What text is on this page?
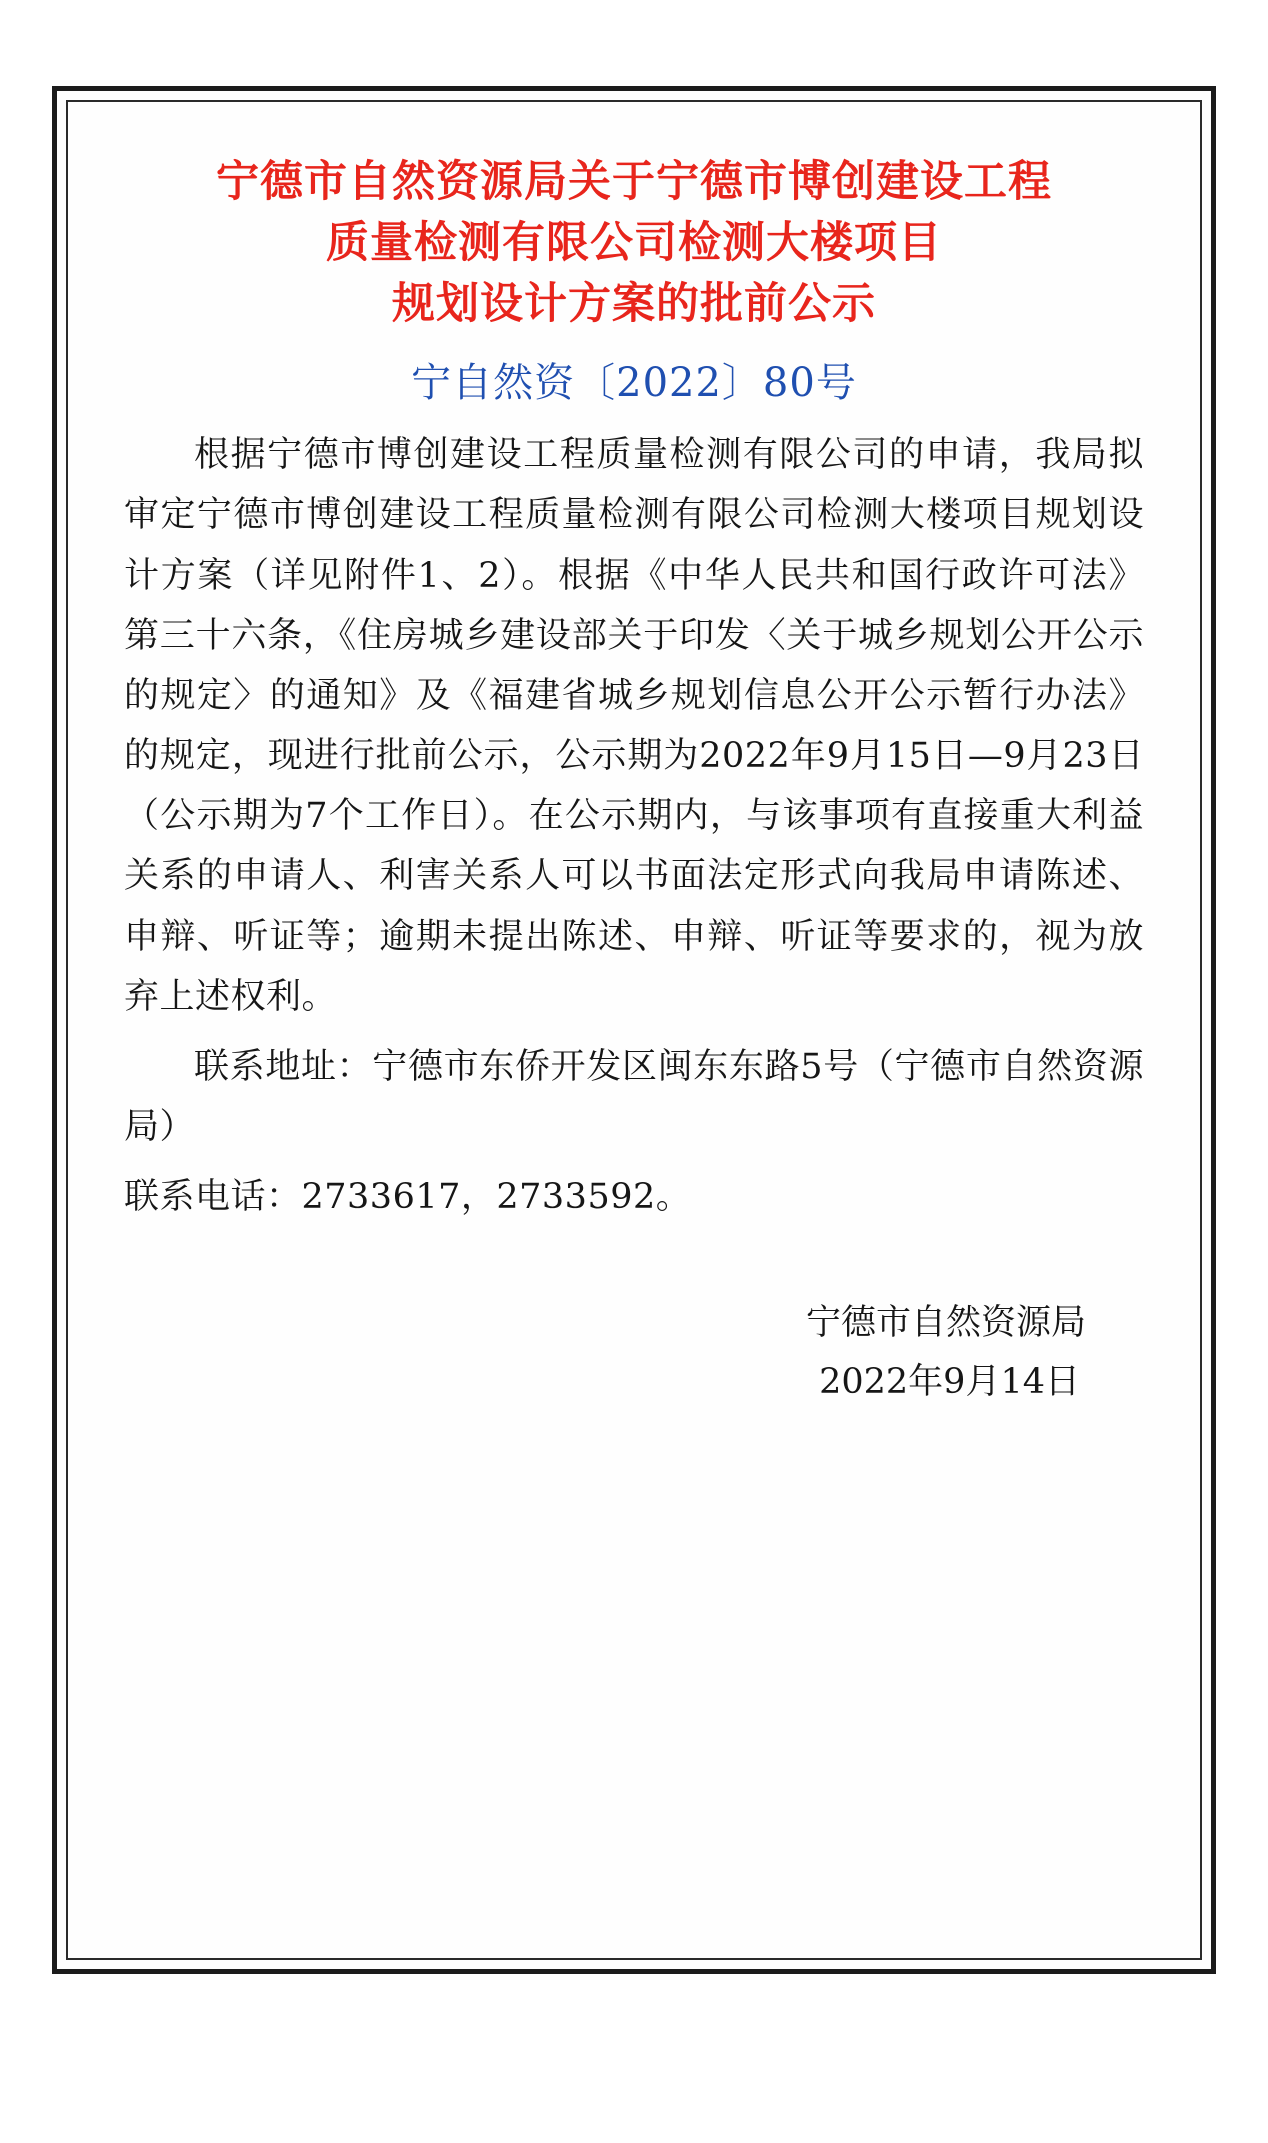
宁德市自然资源局关于宁德市博创建设工程
质量检测有限公司检测大楼项目
规划设计方案的批前公示
宁自然资〔2022〕80号

根据宁德市博创建设工程质量检测有限公司的申请，我局拟审定宁德市博创建设工程质量检测有限公司检测大楼项目规划设计方案（详见附件1、2）。根据《中华人民共和国行政许可法》第三十六条，《住房城乡建设部关于印发〈关于城乡规划公开公示的规定〉的通知》及《福建省城乡规划信息公开公示暂行办法》的规定，现进行批前公示，公示期为2022年9月15日—9月23日（公示期为7个工作日）。在公示期内，与该事项有直接重大利益关系的申请人、利害关系人可以书面法定形式向我局申请陈述、申辩、听证等；逾期未提出陈述、申辩、听证等要求的，视为放弃上述权利。

联系地址：宁德市东侨开发区闽东东路5号（宁德市自然资源局）

联系电话：2733617，2733592。

宁德市自然资源局
2022年9月14日
